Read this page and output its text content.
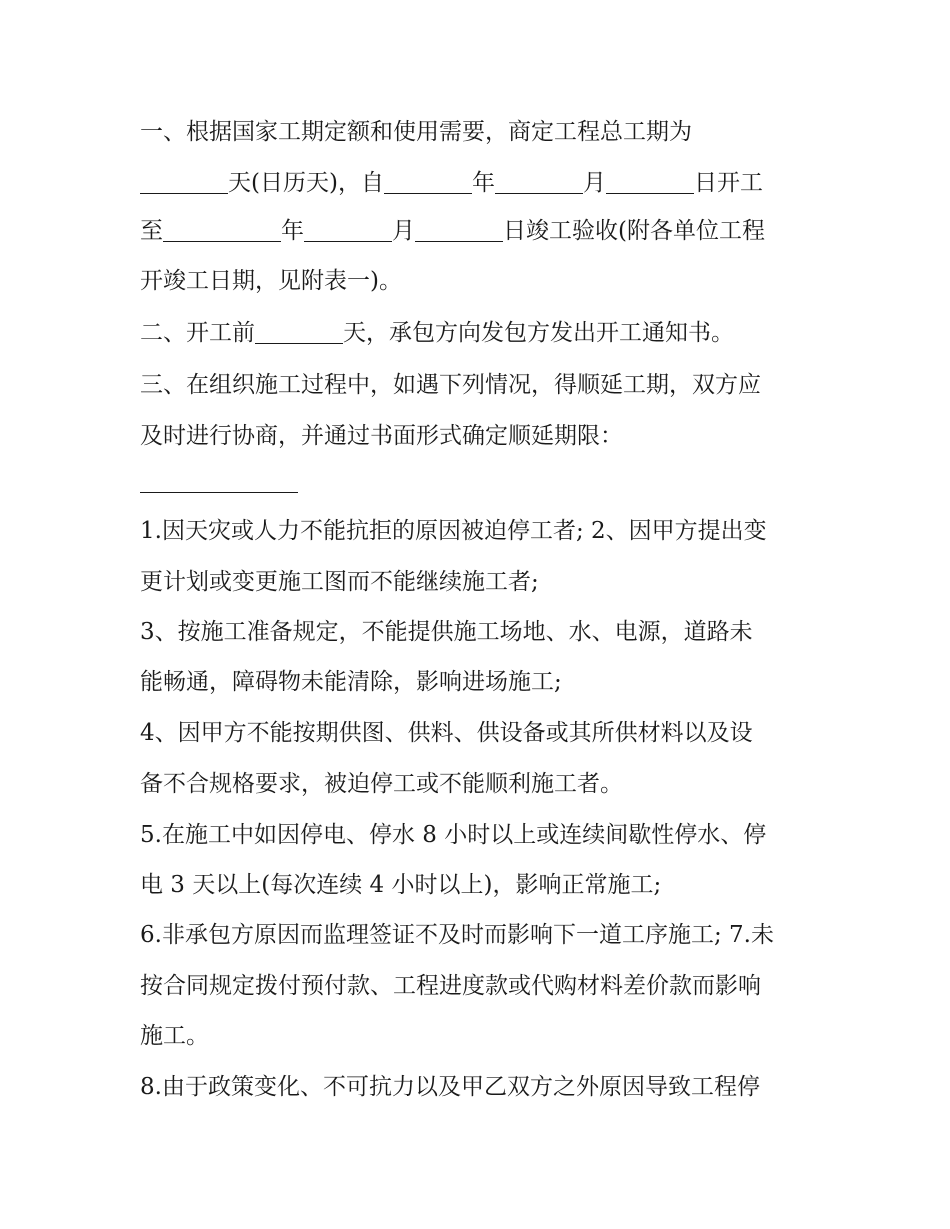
一、根据国家工期定额和使用需要，商定工程总工期为
天(日历天)，自	年	月	日开工
至	年	月	日竣工验收(附各单位工程
开竣工日期，见附表一)。
二、开工前	天，承包方向发包方发出开工通知书。
三、在组织施工过程中，如遇下列情况，得顺延工期，双方应
及时进行协商，并通过书面形式确定顺延期限：
1.因天灾或人力不能抗拒的原因被迫停工者; 2、因甲方提出变
更计划或变更施工图而不能继续施工者;
3、按施工准备规定，不能提供施工场地、水、电源，道路未
能畅通，障碍物未能清除，影响进场施工;
4、因甲方不能按期供图、供料、供设备或其所供材料以及设
备不合规格要求，被迫停工或不能顺利施工者。
5.在施工中如因停电、停水 8 小时以上或连续间歇性停水、停
电 3 天以上(每次连续 4 小时以上)，影响正常施工;
6.非承包方原因而监理签证不及时而影响下一道工序施工; 7.未
按合同规定拨付预付款、工程进度款或代购材料差价款而影响
施工。
8.由于政策变化、不可抗力以及甲乙双方之外原因导致工程停
